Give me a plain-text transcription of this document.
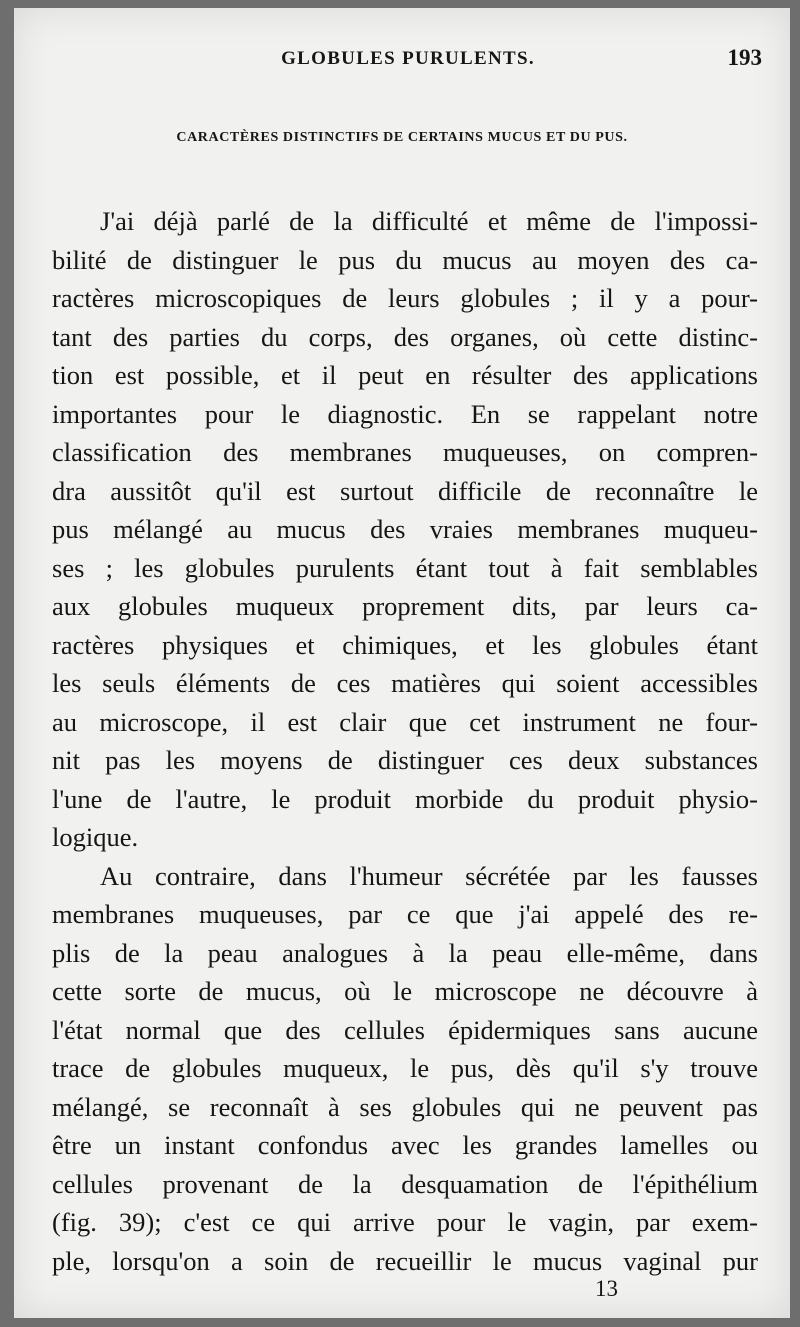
GLOBULES PURULENTS.	193
CARACTÈRES DISTINCTIFS DE CERTAINS MUCUS ET DU PUS.
J'ai déjà parlé de la difficulté et même de l'impossi-
bilité de distinguer le pus du mucus au moyen des ca-
ractères microscopiques de leurs globules ; il y a pour-
tant des parties du corps, des organes, où cette distinc-
tion est possible, et il peut en résulter des applications
importantes pour le diagnostic. En se rappelant notre
classification des membranes muqueuses, on compren-
dra aussitôt qu'il est surtout difficile de reconnaître le
pus mélangé au mucus des vraies membranes muqueu-
ses ; les globules purulents étant tout à fait semblables
aux globules muqueux proprement dits, par leurs ca-
ractères physiques et chimiques, et les globules étant
les seuls éléments de ces matières qui soient accessibles
au microscope, il est clair que cet instrument ne four-
nit pas les moyens de distinguer ces deux substances
l'une de l'autre, le produit morbide du produit physio-
logique.
Au contraire, dans l'humeur sécrétée par les fausses
membranes muqueuses, par ce que j'ai appelé des re-
plis de la peau analogues à la peau elle-même, dans
cette sorte de mucus, où le microscope ne découvre à
l'état normal que des cellules épidermiques sans aucune
trace de globules muqueux, le pus, dès qu'il s'y trouve
mélangé, se reconnaît à ses globules qui ne peuvent pas
être un instant confondus avec les grandes lamelles ou
cellules provenant de la desquamation de l'épithélium
(fig. 39); c'est ce qui arrive pour le vagin, par exem-
ple, lorsqu'on a soin de recueillir le mucus vaginal pur
13
